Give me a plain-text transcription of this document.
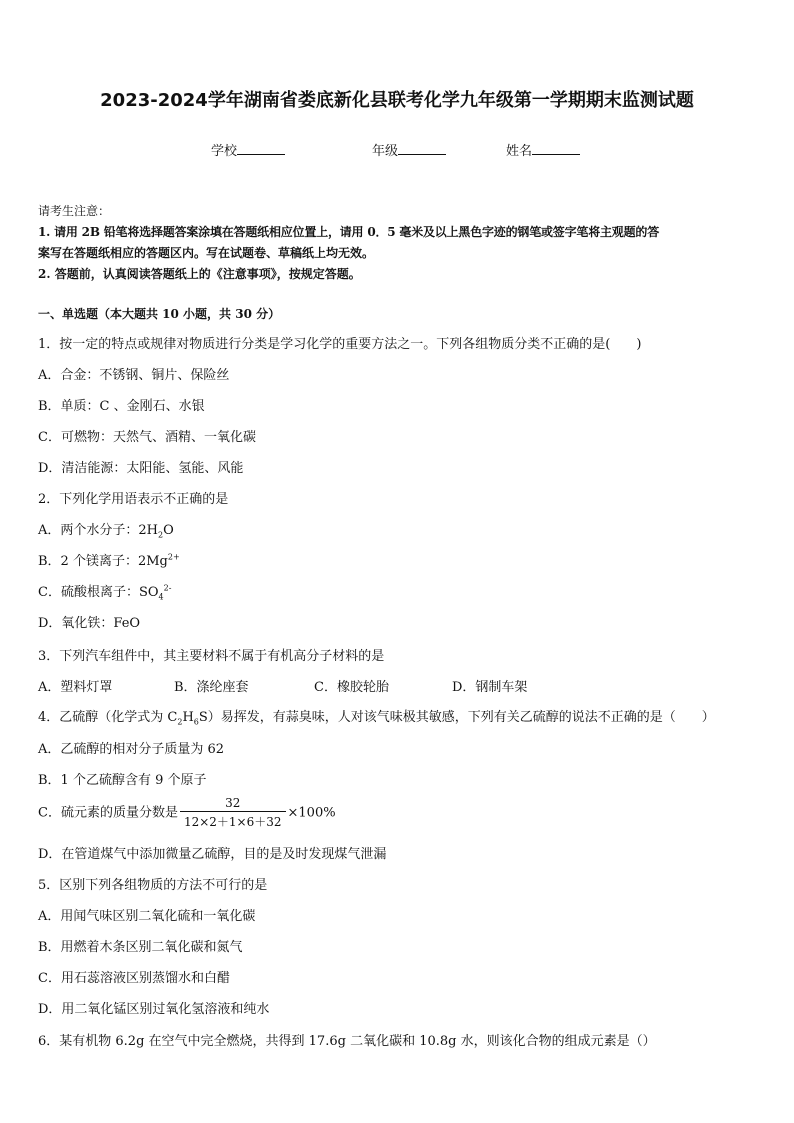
2023-2024学年湖南省娄底新化县联考化学九年级第一学期期末监测试题
学校	年级	姓名
请考生注意：
1. 请用 2B 铅笔将选择题答案涂填在答题纸相应位置上，请用 0．5 毫米及以上黑色字迹的钢笔或签字笔将主观题的答
案写在答题纸相应的答题区内。写在试题卷、草稿纸上均无效。
2. 答题前，认真阅读答题纸上的《注意事项》，按规定答题。
一、单选题（本大题共 10 小题，共 30 分）
1．按一定的特点或规律对物质进行分类是学习化学的重要方法之一。下列各组物质分类不正确的是(　　)
A．合金：不锈钢、铜片、保险丝
B．单质：C 、金刚石、水银
C．可燃物：天然气、酒精、一氧化碳
D．清洁能源：太阳能、氢能、风能
2．下列化学用语表示不正确的是
A．两个水分子：$2H_2O$
B．2 个镁离子：$2Mg^{2+}$
C．硫酸根离子：$SO_4^{2-}$
D．氧化铁：FeO
3．下列汽车组件中，其主要材料不属于有机高分子材料的是
A．塑料灯罩	B．涤纶座套	C．橡胶轮胎	D．钢制车架
4．乙硫醇（化学式为 $C_2H_6S$）易挥发，有蒜臭味，人对该气味极其敏感，下列有关乙硫醇的说法不正确的是（　　）
A．乙硫醇的相对分子质量为 62
B．1 个乙硫醇含有 9 个原子
C．硫元素的质量分数是 $\frac{32}{12\times 2+1\times 6+32} \times 100\%$
D．在管道煤气中添加微量乙硫醇，目的是及时发现煤气泄漏
5．区别下列各组物质的方法不可行的是
A．用闻气味区别二氧化硫和一氧化碳
B．用燃着木条区别二氧化碳和氮气
C．用石蕊溶液区别蒸馏水和白醋
D．用二氧化锰区别过氧化氢溶液和纯水
6．某有机物 6.2g 在空气中完全燃烧，共得到 17.6g 二氧化碳和 10.8g 水，则该化合物的组成元素是（）
